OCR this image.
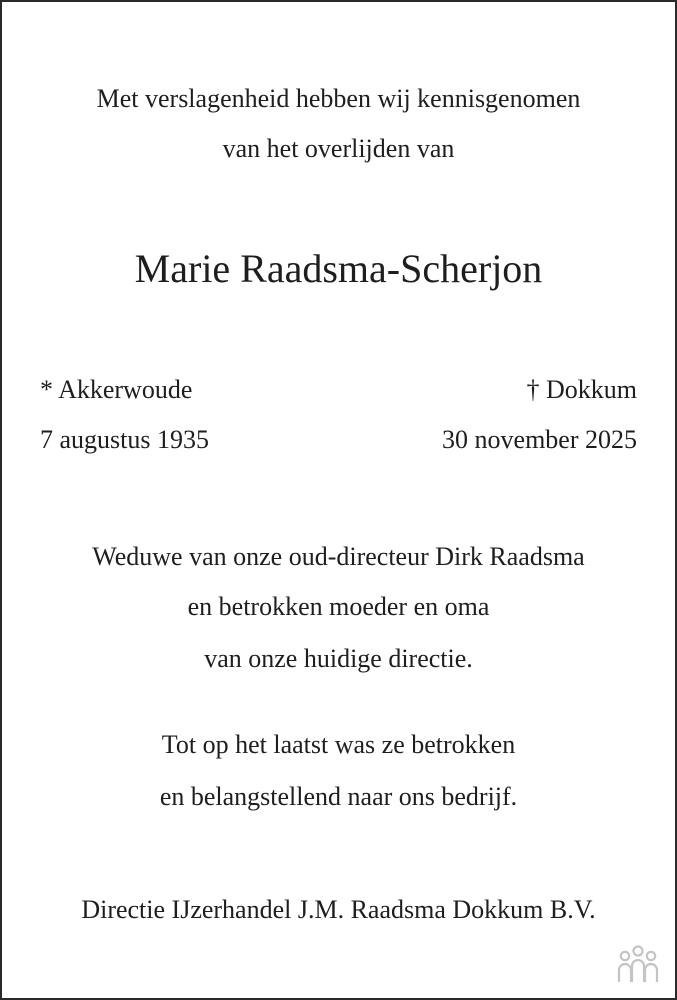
Met verslagenheid hebben wij kennisgenomen
van het overlijden van
Marie Raadsma-Scherjon
* Akkerwoude	† Dokkum
7 augustus 1935	30 november 2025
Weduwe van onze oud-directeur Dirk Raadsma
en betrokken moeder en oma
van onze huidige directie.
Tot op het laatst was ze betrokken
en belangstellend naar ons bedrijf.
Directie IJzerhandel J.M. Raadsma Dokkum B.V.
